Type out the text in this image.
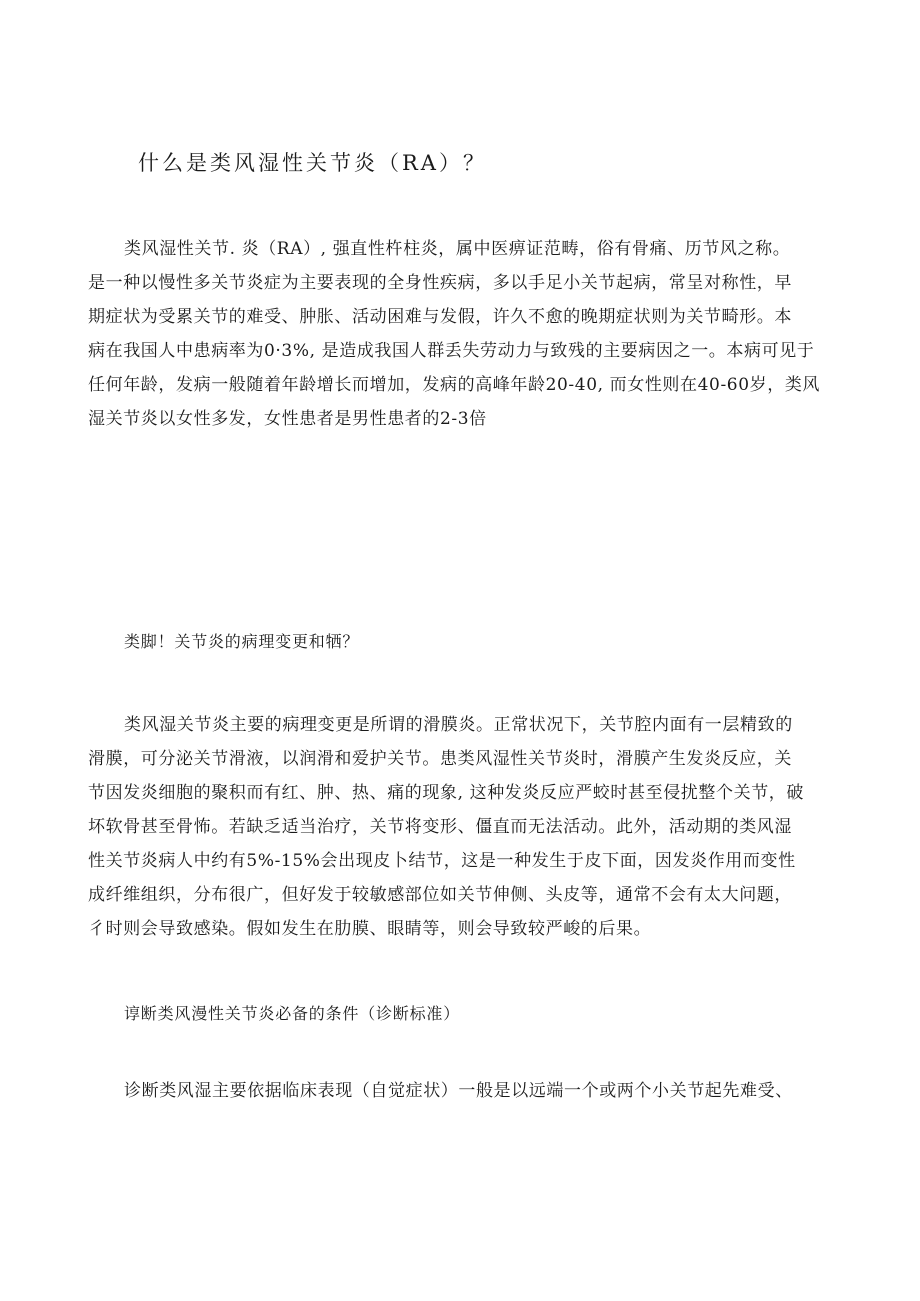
什么是类风湿性关节炎（RA）？
类风湿性关节. 炎（RA）, 强直性杵柱炎，属中医痹证范畴，俗有骨痛、历节风之称。
是一种以慢性多关节炎症为主要表现的全身性疾病，多以手足小关节起病，常呈对称性，早
期症状为受累关节的难受、肿胀、活动困难与发假，许久不愈的晚期症状则为关节畸形。本
病在我国人中患病率为0·3%, 是造成我国人群丢失劳动力与致残的主要病因之一。本病可见于
任何年龄，发病一般随着年龄增长而增加，发病的高峰年龄20-40, 而女性则在40-60岁，类风
湿关节炎以女性多发，女性患者是男性患者的2-3倍
类脚！关节炎的病理变更和牺？
类风湿关节炎主要的病理变更是所谓的滑膜炎。正常状况下，关节腔内面有一层精致的
滑膜，可分泌关节滑液，以润滑和爱护关节。患类风湿性关节炎时，滑膜产生发炎反应，关
节因发炎细胞的聚积而有红、肿、热、痛的现象, 这种发炎反应严蛟时甚至侵扰整个关节，破
坏软骨甚至骨怖。若缺乏适当治疗，关节将变形、僵直而无法活动。此外，活动期的类风湿
性关节炎病人中约有5%-15%会出现皮卜结节，这是一种发生于皮下面，因发炎作用而变性
成纤维组织，分布很广，但好发于较敏感部位如关节伸侧、头皮等，通常不会有太大问题，
彳时则会导致感染。假如发生在肋膜、眼睛等，则会导致较严峻的后果。
谆断类风漫性关节炎必备的条件（诊断标准）
诊断类风湿主要依据临床表现（自觉症状）一般是以远端一个或两个小关节起先难受、
